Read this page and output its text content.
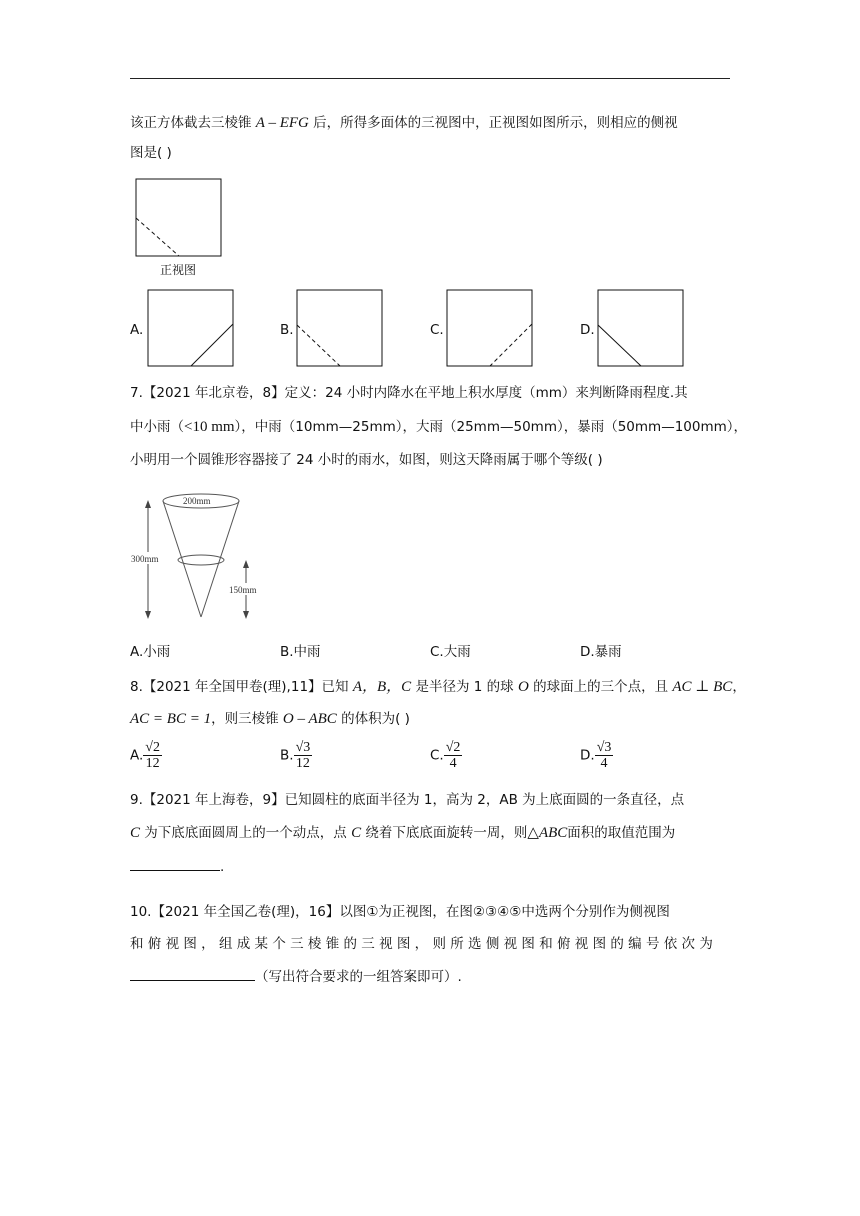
该正方体截去三棱锥 A – EFG 后，所得多面体的三视图中，正视图如图所示，则相应的侧视
图是( )
正视图
A.	B.	C.	D.
7.【2021 年北京卷，8】定义：24 小时内降水在平地上积水厚度（mm）来判断降雨程度.其
中小雨（<10 mm），中雨（10mm—25mm），大雨（25mm—50mm），暴雨（50mm—100mm），
小明用一个圆锥形容器接了 24 小时的雨水，如图，则这天降雨属于哪个等级( )
200mm
300mm
150mm
A.小雨	B.中雨	C.大雨	D.暴雨
8.【2021 年全国甲卷(理),11】已知 A，B，C 是半径为 1 的球 O 的球面上的三个点，且 AC ⊥ BC，
AC = BC = 1，则三棱锥 O – ABC 的体积为( )
A. $\frac{√2}{12}$	B. $\frac{√3}{12}$	C. $\frac{√2}{4}$	D. $\frac{√3}{4}$
9.【2021 年上海卷，9】已知圆柱的底面半径为 1，高为 2，AB 为上底面圆的一条直径，点
C 为下底底面圆周上的一个动点，点 C 绕着下底底面旋转一周，则△ABC面积的取值范围为
.
10.【2021 年全国乙卷(理)，16】以图①为正视图，在图②③④⑤中选两个分别作为侧视图
和 俯 视 图 ， 组 成 某 个 三 棱 锥 的 三 视 图 ， 则 所 选 侧 视 图 和 俯 视 图 的 编 号 依 次 为
（写出符合要求的一组答案即可）.
